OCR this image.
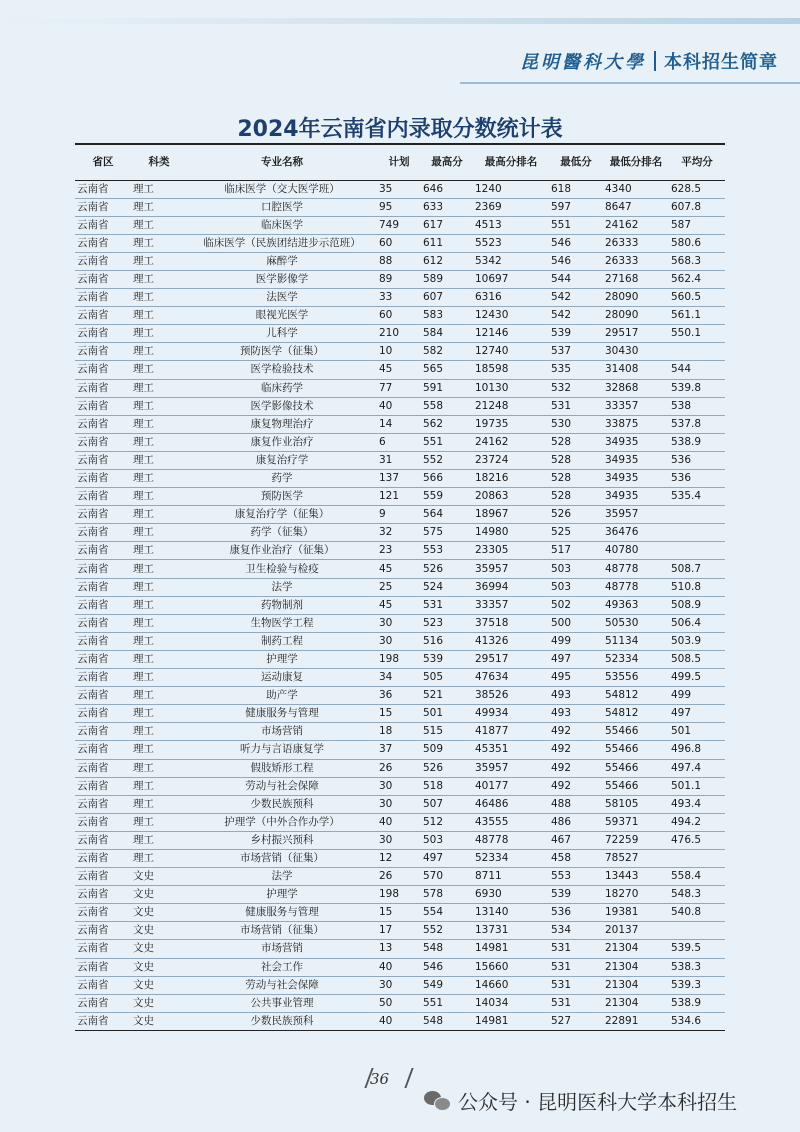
昆明醫科大學 本科招生简章
2024年云南省内录取分数统计表
省区	科类	专业名称	计划	最高分	最高分排名	最低分	最低分排名	平均分
云南省	理工	临床医学（交大医学班）	35	646	1240	618	4340	628.5
云南省	理工	口腔医学	95	633	2369	597	8647	607.8
云南省	理工	临床医学	749	617	4513	551	24162	587
云南省	理工	临床医学（民族团结进步示范班）	60	611	5523	546	26333	580.6
云南省	理工	麻醉学	88	612	5342	546	26333	568.3
云南省	理工	医学影像学	89	589	10697	544	27168	562.4
云南省	理工	法医学	33	607	6316	542	28090	560.5
云南省	理工	眼视光医学	60	583	12430	542	28090	561.1
云南省	理工	儿科学	210	584	12146	539	29517	550.1
云南省	理工	预防医学（征集）	10	582	12740	537	30430	
云南省	理工	医学检验技术	45	565	18598	535	31408	544
云南省	理工	临床药学	77	591	10130	532	32868	539.8
云南省	理工	医学影像技术	40	558	21248	531	33357	538
云南省	理工	康复物理治疗	14	562	19735	530	33875	537.8
云南省	理工	康复作业治疗	6	551	24162	528	34935	538.9
云南省	理工	康复治疗学	31	552	23724	528	34935	536
云南省	理工	药学	137	566	18216	528	34935	536
云南省	理工	预防医学	121	559	20863	528	34935	535.4
云南省	理工	康复治疗学（征集）	9	564	18967	526	35957	
云南省	理工	药学（征集）	32	575	14980	525	36476	
云南省	理工	康复作业治疗（征集）	23	553	23305	517	40780	
云南省	理工	卫生检验与检疫	45	526	35957	503	48778	508.7
云南省	理工	法学	25	524	36994	503	48778	510.8
云南省	理工	药物制剂	45	531	33357	502	49363	508.9
云南省	理工	生物医学工程	30	523	37518	500	50530	506.4
云南省	理工	制药工程	30	516	41326	499	51134	503.9
云南省	理工	护理学	198	539	29517	497	52334	508.5
云南省	理工	运动康复	34	505	47634	495	53556	499.5
云南省	理工	助产学	36	521	38526	493	54812	499
云南省	理工	健康服务与管理	15	501	49934	493	54812	497
云南省	理工	市场营销	18	515	41877	492	55466	501
云南省	理工	听力与言语康复学	37	509	45351	492	55466	496.8
云南省	理工	假肢矫形工程	26	526	35957	492	55466	497.4
云南省	理工	劳动与社会保障	30	518	40177	492	55466	501.1
云南省	理工	少数民族预科	30	507	46486	488	58105	493.4
云南省	理工	护理学（中外合作办学）	40	512	43555	486	59371	494.2
云南省	理工	乡村振兴预科	30	503	48778	467	72259	476.5
云南省	理工	市场营销（征集）	12	497	52334	458	78527	
云南省	文史	法学	26	570	8711	553	13443	558.4
云南省	文史	护理学	198	578	6930	539	18270	548.3
云南省	文史	健康服务与管理	15	554	13140	536	19381	540.8
云南省	文史	市场营销（征集）	17	552	13731	534	20137	
云南省	文史	市场营销	13	548	14981	531	21304	539.5
云南省	文史	社会工作	40	546	15660	531	21304	538.3
云南省	文史	劳动与社会保障	30	549	14660	531	21304	539.3
云南省	文史	公共事业管理	50	551	14034	531	21304	538.9
云南省	文史	少数民族预科	40	548	14981	527	22891	534.6
36
公众号 · 昆明医科大学本科招生
